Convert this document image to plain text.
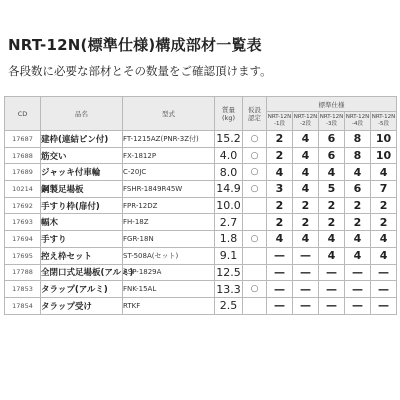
NRT-12N(標準仕様)構成部材一覧表
各段数に必要な部材とその数量をご確認頂けます。
CD	品名	型式	質量
(kg)	仮設
認定	標準仕様				
					NRT-12N -1段	NRT-12N -2段	NRT-12N -3段	NRT-12N -4段	NRT-12N -5段
17687	建枠(連結ピン付)	FT-1215AZ(PNR-3Z付)	15.2	○	2	4	6	8	10
17688	筋交い	FX-1812P	4.0	○	2	4	6	8	10
17689	ジャッキ付車輪	C-20JC	8.0	○	4	4	4	4	4
10214	鋼製足場板	FSHR-1849R45W	14.9	○	3	4	5	6	7
17692	手すり枠(扉付)	FPR-12DZ	10.0		2	2	2	2	2
17693	幅木	FH-18Z	2.7		2	2	2	2	2
17694	手すり	FGR-18N	1.8	○	4	4	4	4	4
17695	控え枠セット	ST-508A(セット)	9.1		—	—	4	4	4
17788	全閉口式足場板(アルミ)	ASP-1829A	12.5		—	—	—	—	—
17853	タラップ(アルミ)	FNK-15AL	13.3	○	—	—	—	—	—
17854	タラップ受け	RTKF	2.5		—	—	—	—	—
